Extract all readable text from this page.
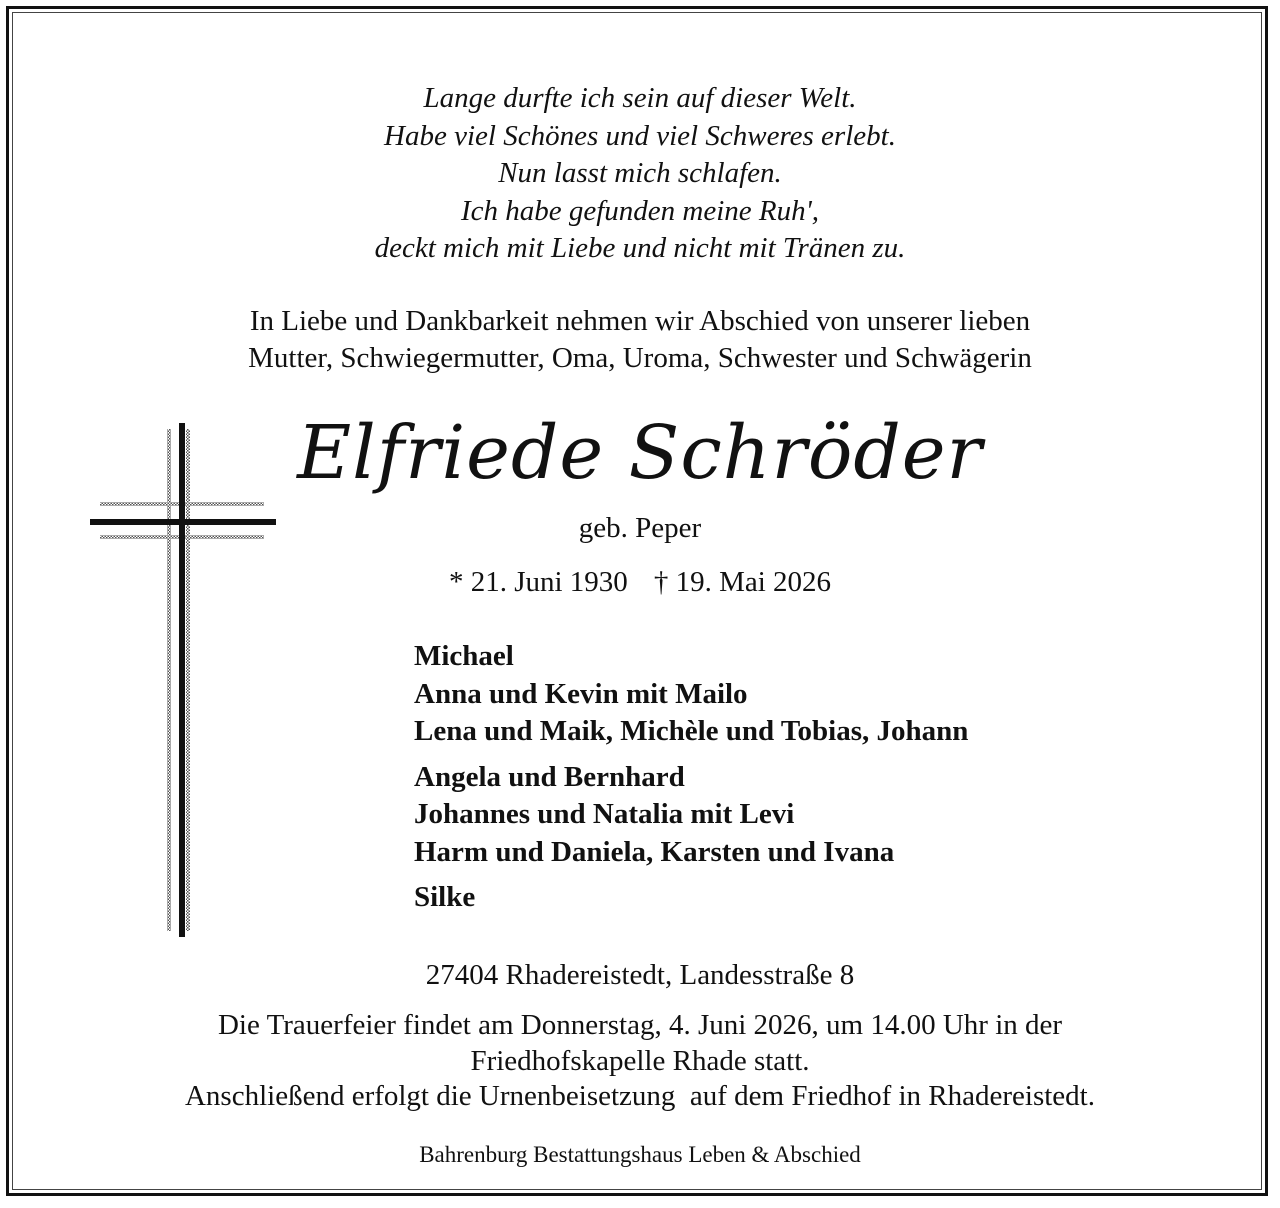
Lange durfte ich sein auf dieser Welt.
Habe viel Schönes und viel Schweres erlebt.
Nun lasst mich schlafen.
Ich habe gefunden meine Ruh',
deckt mich mit Liebe und nicht mit Tränen zu.
In Liebe und Dankbarkeit nehmen wir Abschied von unserer lieben
Mutter, Schwiegermutter, Oma, Uroma, Schwester und Schwägerin
Elfriede Schröder
geb. Peper
* 21. Juni 1930 † 19. Mai 2026
Michael
Anna und Kevin mit Mailo
Lena und Maik, Michèle und Tobias, Johann
Angela und Bernhard
Johannes und Natalia mit Levi
Harm und Daniela, Karsten und Ivana
Silke
27404 Rhadereistedt, Landesstraße 8
Die Trauerfeier findet am Donnerstag, 4. Juni 2026, um 14.00 Uhr in der
Friedhofskapelle Rhade statt.
Anschließend erfolgt die Urnenbeisetzung  auf dem Friedhof in Rhadereistedt.
Bahrenburg Bestattungshaus Leben & Abschied
